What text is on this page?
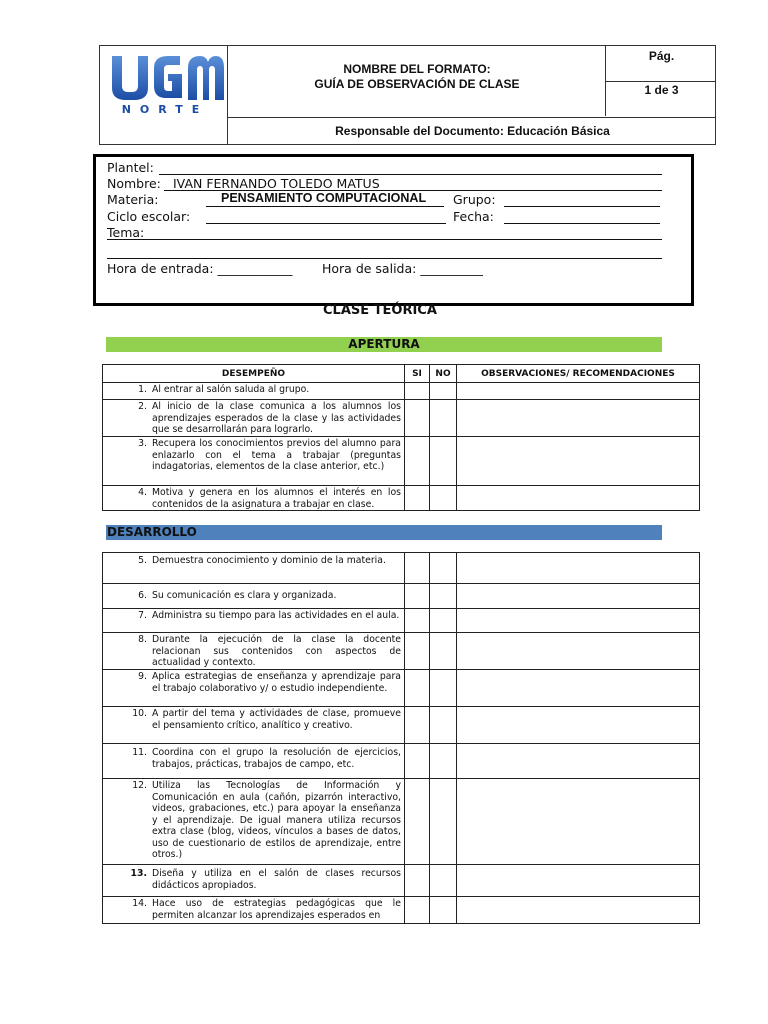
NORTE
NOMBRE DEL FORMATO:
GUÍA DE OBSERVACIÓN DE CLASE
Pág.
1 de 3
Responsable del Documento: Educación Básica
Plantel:
Nombre: IVAN FERNANDO TOLEDO MATUS
Materia:	PENSAMIENTO COMPUTACIONAL Grupo:
Ciclo escolar:	Fecha:
Tema:
Hora de entrada: ____________ Hora de salida: __________
CLASE TEÓRICA
APERTURA
DESEMPEÑO	SI	NO	OBSERVACIONES/ RECOMENDACIONES

1. Al entrar al salón saluda al grupo.			

2. Al inicio de la clase comunica a los alumnos los aprendizajes esperados de la clase y las actividades que se desarrollarán para lograrlo.			

3. Recupera los conocimientos previos del alumno para enlazarlo con el tema a trabajar (preguntas indagatorias, elementos de la clase anterior, etc.)			

4. Motiva y genera en los alumnos el interés en los contenidos de la asignatura a trabajar en clase.			

DESARROLLO
5. Demuestra conocimiento y dominio de la materia.			

6. Su comunicación es clara y organizada.			

7. Administra su tiempo para las actividades en el aula.			

8. Durante la ejecución de la clase la docente relacionan sus contenidos con aspectos de actualidad y contexto.			

9. Aplica estrategias de enseñanza y aprendizaje para el trabajo colaborativo y/ o estudio independiente.			

10. A partir del tema y actividades de clase, promueve el pensamiento crítico, analítico y creativo.			

11. Coordina con el grupo la resolución de ejercicios, trabajos, prácticas, trabajos de campo, etc.			

12. Utiliza las Tecnologías de Información y Comunicación en aula (cañón, pizarrón interactivo, videos, grabaciones, etc.) para apoyar la enseñanza y el aprendizaje. De igual manera utiliza recursos extra clase (blog, videos, vínculos a bases de datos, uso de cuestionario de estilos de aprendizaje, entre otros.)			

13. Diseña y utiliza en el salón de clases recursos didácticos apropiados.			

14. Hace uso de estrategias pedagógicas que le permiten alcanzar los aprendizajes esperados en			
